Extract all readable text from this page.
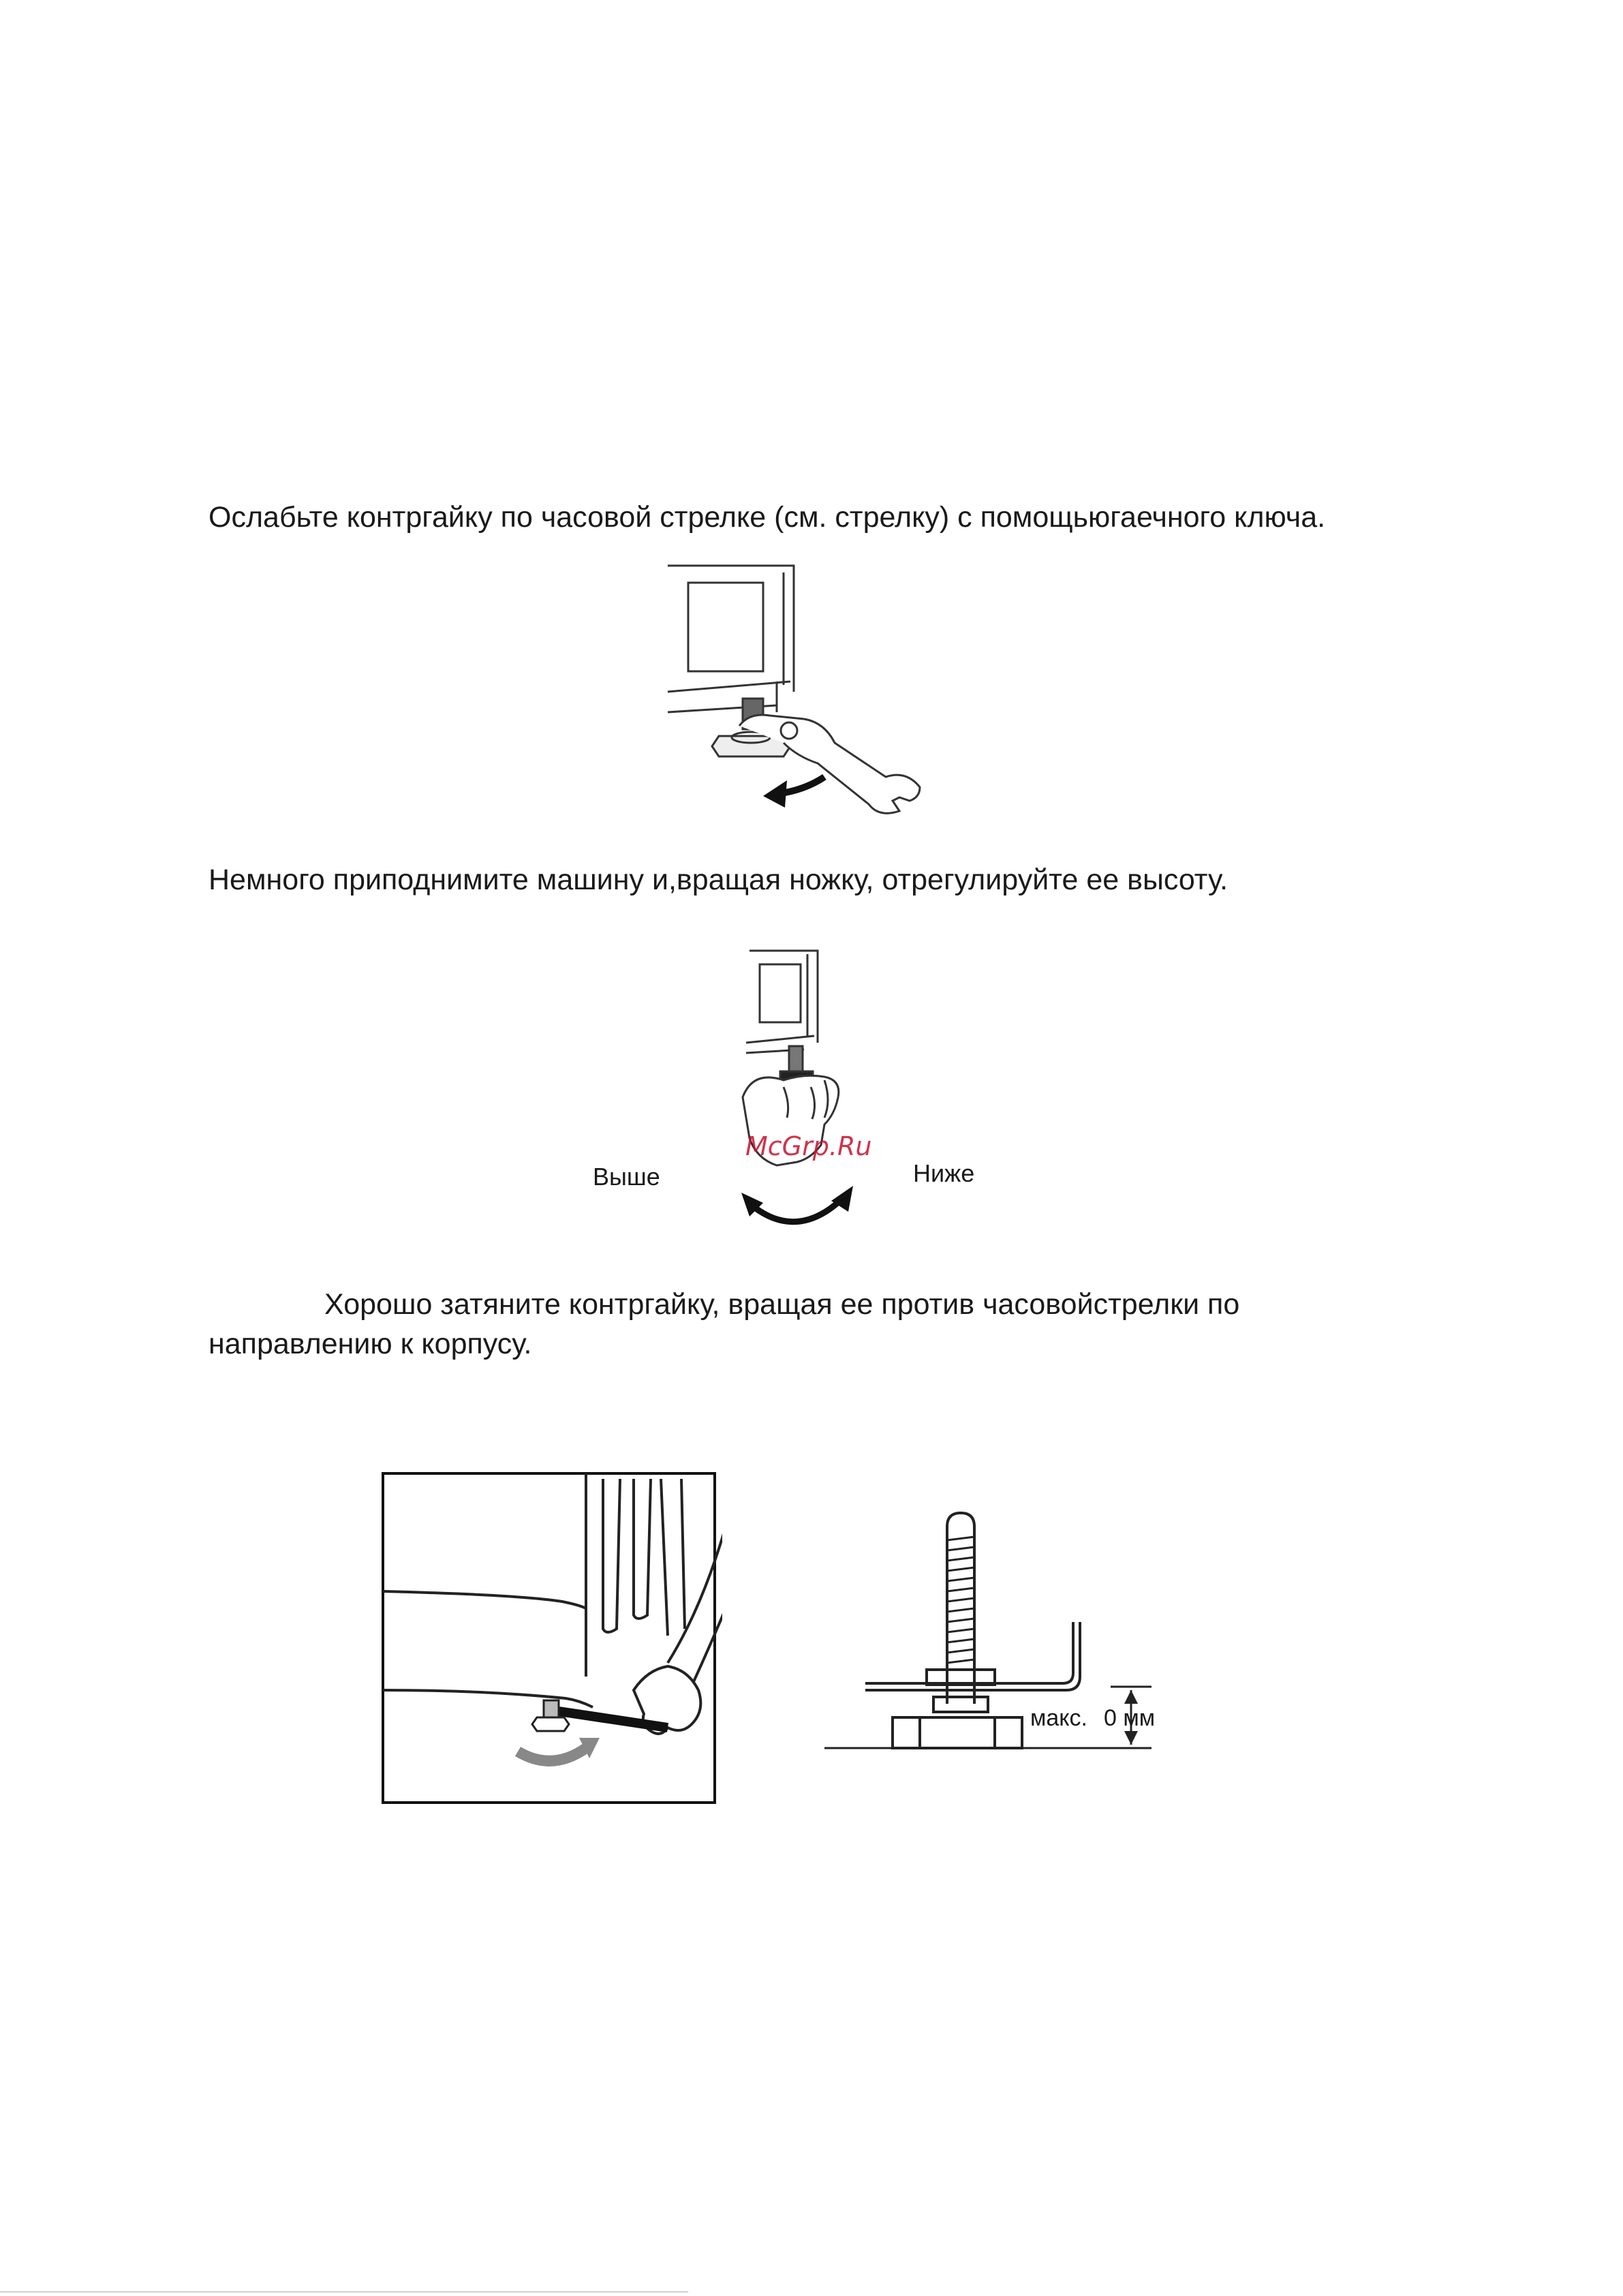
Ослабьте контргайку по часовой стрелке (см. стрелку) с помощьюгаечного ключа.

Немного приподнимите машину и,вращая ножку, отрегулируйте ее высоту.

McGrp.Ru
Выше	Ниже

Хорошо затяните контргайку, вращая ее против часовойстрелки по
направлению к корпусу.

макс. 0 мм
